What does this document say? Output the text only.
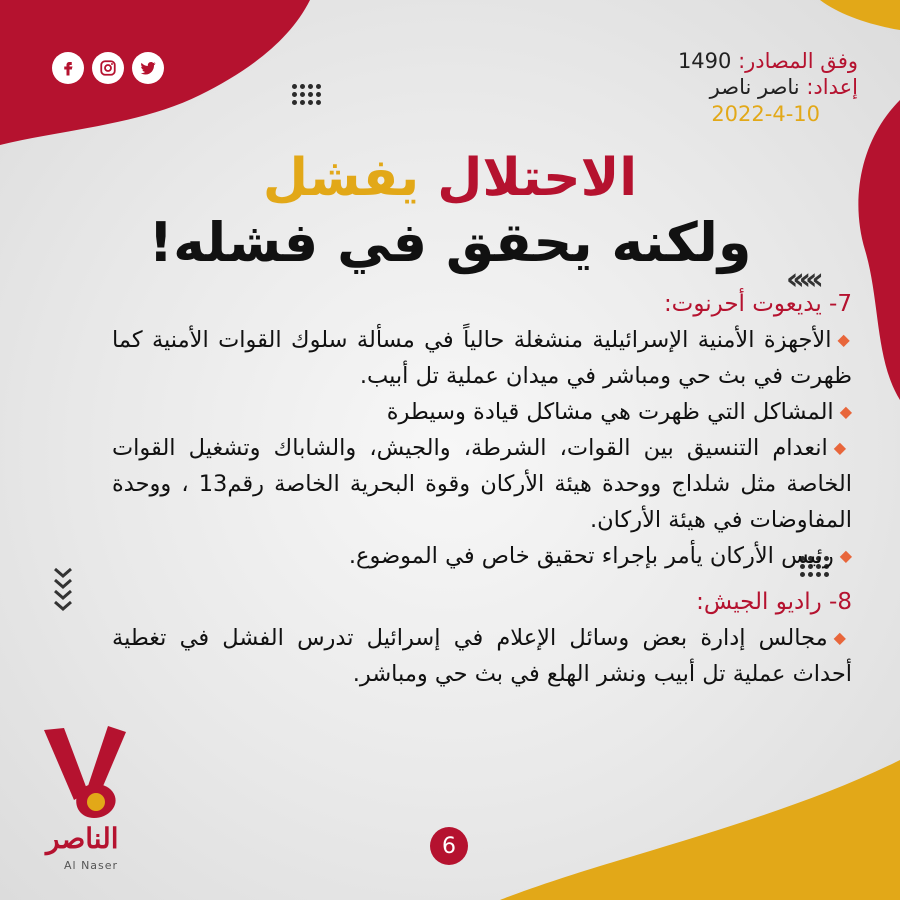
وفق المصادر: 1490
إعداد: ناصر ناصر
2022-4-10
الاحتلال يفشل
ولكنه يحقق في فشله!
‹‹‹‹‹

7- يديعوت أحرنوت:

◆الأجهزة الأمنية الإسرائيلية منشغلة حالياً في مسألة سلوك القوات الأمنية كما ظهرت في بث حي ومباشر في ميدان عملية تل أبيب.

◆المشاكل التي ظهرت هي مشاكل قيادة وسيطرة

◆انعدام التنسيق بين القوات، الشرطة، والجيش، والشاباك وتشغيل القوات الخاصة مثل شلداج ووحدة هيئة الأركان وقوة البحرية الخاصة رقم13 ، ووحدة المفاوضات في هيئة الأركان.

◆رئيس الأركان يأمر بإجراء تحقيق خاص في الموضوع.

8- راديو الجيش:

◆مجالس إدارة بعض وسائل الإعلام في إسرائيل تدرس الفشل في تغطية أحداث عملية تل أبيب ونشر الهلع في بث حي ومباشر.

الناصر
Al Naser
6
